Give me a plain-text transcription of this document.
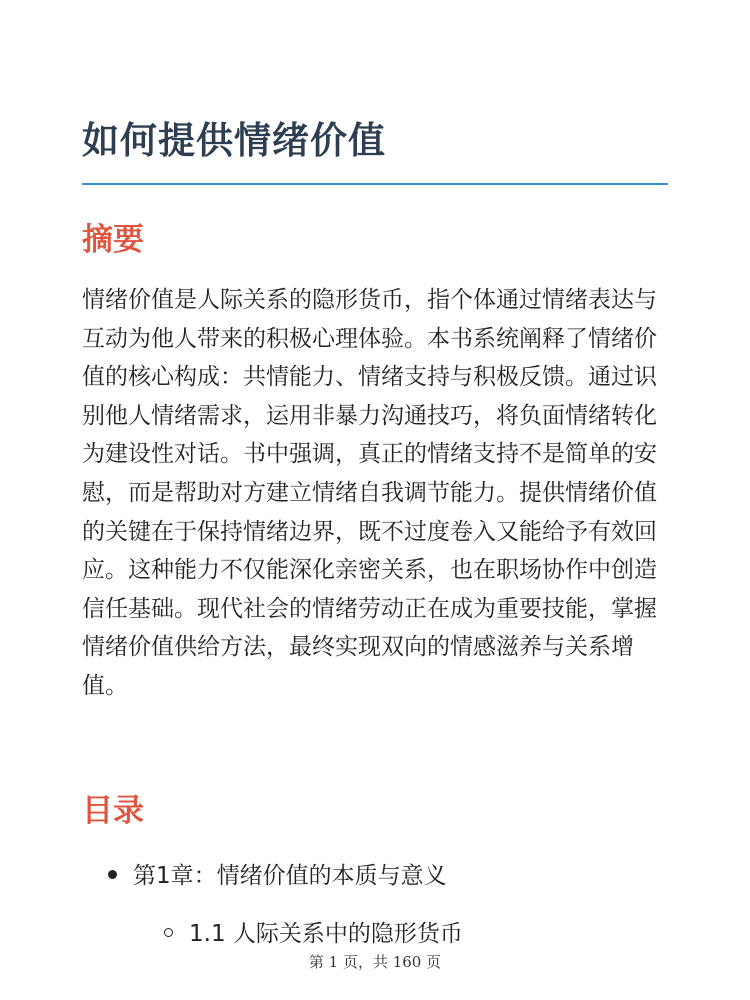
如何提供情绪价值
摘要

情绪价值是人际关系的隐形货币，指个体通过情绪表达与互动为他人带来的积极心理体验。本书系统阐释了情绪价值的核心构成：共情能力、情绪支持与积极反馈。通过识别他人情绪需求，运用非暴力沟通技巧，将负面情绪转化为建设性对话。书中强调，真正的情绪支持不是简单的安慰，而是帮助对方建立情绪自我调节能力。提供情绪价值的关键在于保持情绪边界，既不过度卷入又能给予有效回应。这种能力不仅能深化亲密关系，也在职场协作中创造信任基础。现代社会的情绪劳动正在成为重要技能，掌握情绪价值供给方法，最终实现双向的情感滋养与关系增值。

目录
第1章：情绪价值的本质与意义
1.1 人际关系中的隐形货币
第 1 页，共 160 页
